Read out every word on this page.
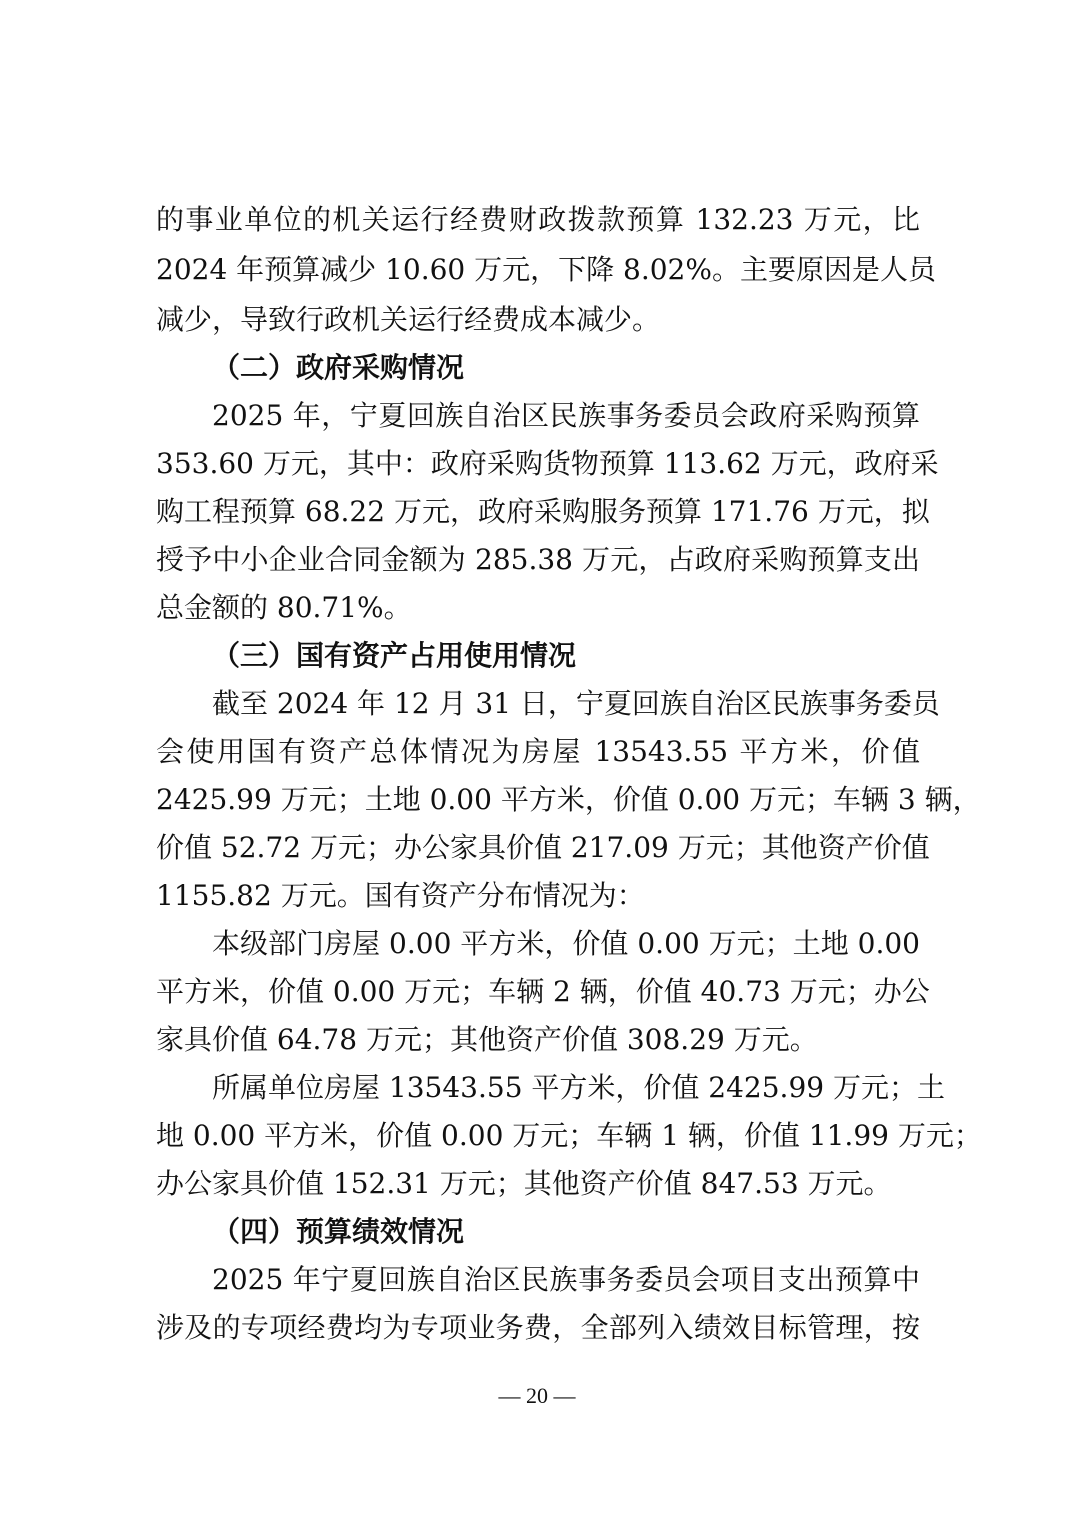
的事业单位的机关运行经费财政拨款预算 132.23 万元，比
2024 年预算减少 10.60 万元，下降 8.02%。主要原因是人员
减少，导致行政机关运行经费成本减少。
（二）政府采购情况
2025 年，宁夏回族自治区民族事务委员会政府采购预算
353.60 万元，其中：政府采购货物预算 113.62 万元，政府采
购工程预算 68.22 万元，政府采购服务预算 171.76 万元，拟
授予中小企业合同金额为 285.38 万元，占政府采购预算支出
总金额的 80.71%。
（三）国有资产占用使用情况
截至 2024 年 12 月 31 日，宁夏回族自治区民族事务委员
会使用国有资产总体情况为房屋 13543.55 平方米，价值
2425.99 万元；土地 0.00 平方米，价值 0.00 万元；车辆 3 辆，
价值 52.72 万元；办公家具价值 217.09 万元；其他资产价值
1155.82 万元。国有资产分布情况为：
本级部门房屋 0.00 平方米，价值 0.00 万元；土地 0.00
平方米，价值 0.00 万元；车辆 2 辆，价值 40.73 万元；办公
家具价值 64.78 万元；其他资产价值 308.29 万元。
所属单位房屋 13543.55 平方米，价值 2425.99 万元；土
地 0.00 平方米，价值 0.00 万元；车辆 1 辆，价值 11.99 万元；
办公家具价值 152.31 万元；其他资产价值 847.53 万元。
（四）预算绩效情况
2025 年宁夏回族自治区民族事务委员会项目支出预算中
涉及的专项经费均为专项业务费，全部列入绩效目标管理，按
— 20 —
